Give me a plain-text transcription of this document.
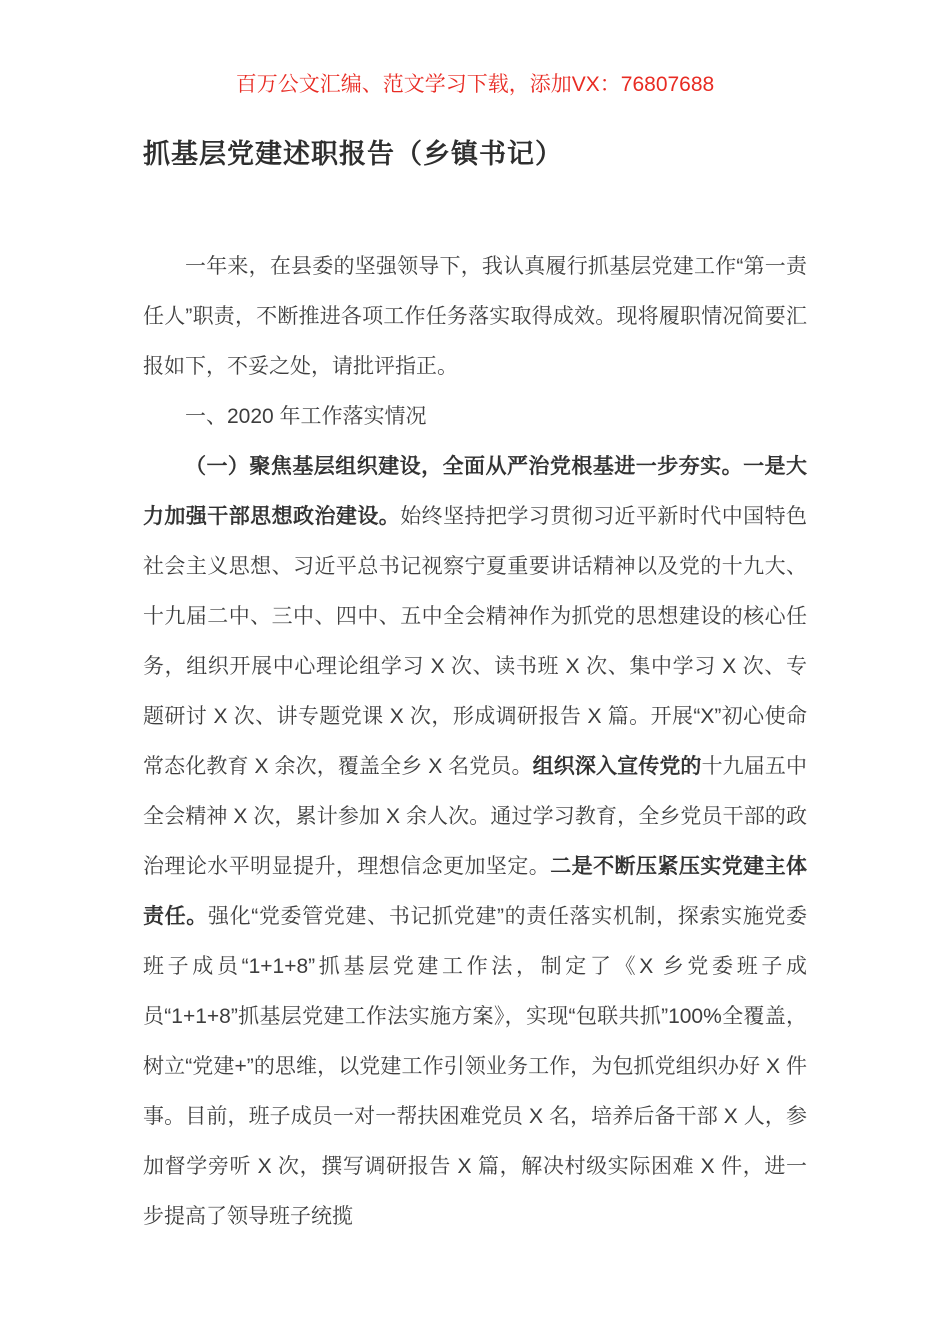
百万公文汇编、范文学习下载，添加VX：76807688
抓基层党建述职报告（乡镇书记）

一年来，在县委的坚强领导下，我认真履行抓基层党建工作“第一责任人”职责，不断推进各项工作任务落实取得成效。现将履职情况简要汇报如下，不妥之处，请批评指正。

一、2020 年工作落实情况

（一）聚焦基层组织建设，全面从严治党根基进一步夯实。一是大力加强干部思想政治建设。始终坚持把学习贯彻习近平新时代中国特色社会主义思想、习近平总书记视察宁夏重要讲话精神以及党的十九大、十九届二中、三中、四中、五中全会精神作为抓党的思想建设的核心任务，组织开展中心理论组学习 X 次、读书班 X 次、集中学习 X 次、专题研讨 X 次、讲专题党课 X 次，形成调研报告 X 篇。开展“X”初心使命常态化教育 X 余次，覆盖全乡 X 名党员。组织深入宣传党的十九届五中全会精神 X 次，累计参加 X 余人次。通过学习教育，全乡党员干部的政治理论水平明显提升，理想信念更加坚定。二是不断压紧压实党建主体责任。强化“党委管党建、书记抓党建”的责任落实机制，探索实施党委班子成员“1+1+8”抓基层党建工作法，制定了《X 乡党委班子成员“1+1+8”抓基层党建工作法实施方案》，实现“包联共抓”100%全覆盖，树立“党建+”的思维，以党建工作引领业务工作，为包抓党组织办好 X 件事。目前，班子成员一对一帮扶困难党员 X 名，培养后备干部 X 人，参加督学旁听 X 次，撰写调研报告 X 篇，解决村级实际困难 X 件，进一步提高了领导班子统揽
